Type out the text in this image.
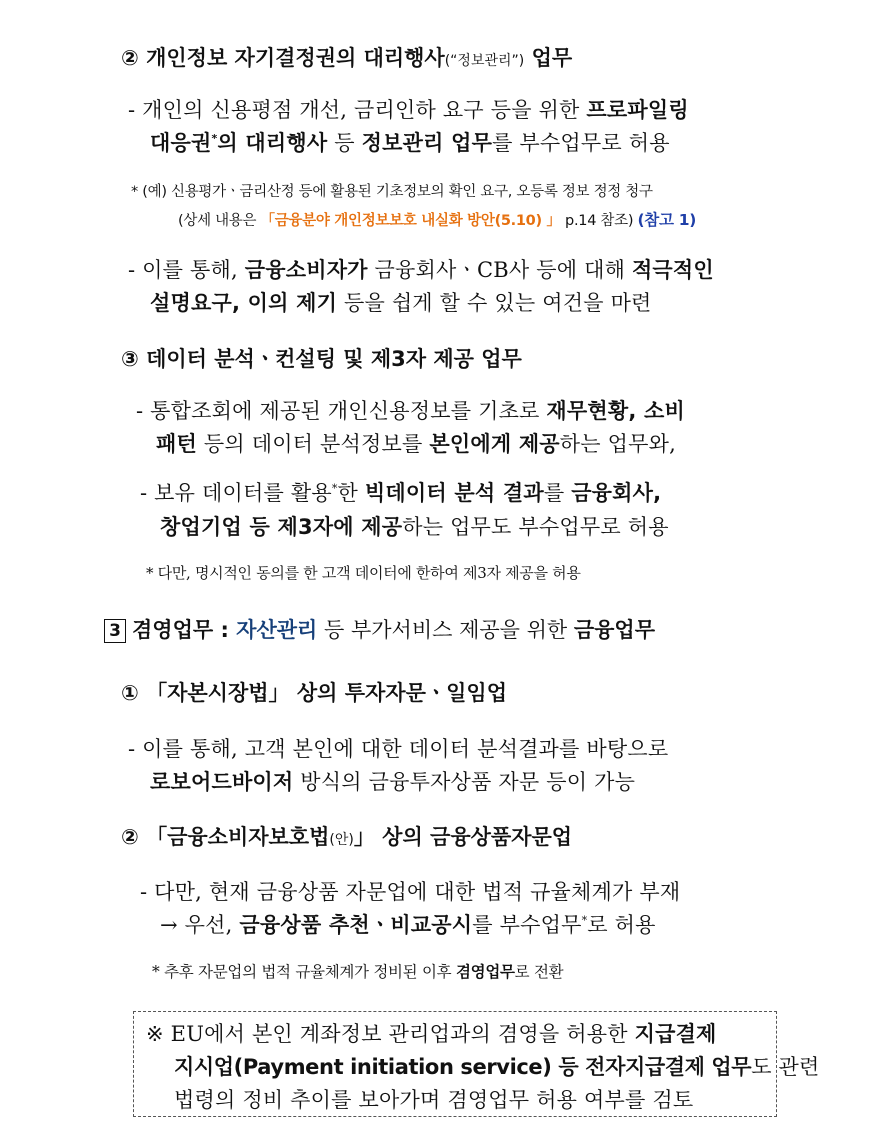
② 개인정보 자기결정권의 대리행사(“정보관리”) 업무
- 개인의 신용평점 개선, 금리인하 요구 등을 위한 프로파일링
대응권*의 대리행사 등 정보관리 업무를 부수업무로 허용
* (예) 신용평가ㆍ금리산정 등에 활용된 기초정보의 확인 요구, 오등록 정보 정정 청구
(상세 내용은 「금융분야 개인정보보호 내실화 방안(5.10) 」 p.14 참조) (참고 1)
- 이를 통해, 금융소비자가 금융회사ㆍCB사 등에 대해 적극적인
설명요구, 이의 제기 등을 쉽게 할 수 있는 여건을 마련
③ 데이터 분석ㆍ컨설팅 및 제3자 제공 업무
- 통합조회에 제공된 개인신용정보를 기초로 재무현황, 소비
패턴 등의 데이터 분석정보를 본인에게 제공하는 업무와,
- 보유 데이터를 활용*한 빅데이터 분석 결과를 금융회사,
창업기업 등 제3자에 제공하는 업무도 부수업무로 허용
* 다만, 명시적인 동의를 한 고객 데이터에 한하여 제3자 제공을 허용
3 겸영업무 : 자산관리 등 부가서비스 제공을 위한 금융업무
① 「자본시장법」 상의 투자자문ㆍ일임업
- 이를 통해, 고객 본인에 대한 데이터 분석결과를 바탕으로
로보어드바이저 방식의 금융투자상품 자문 등이 가능
② 「금융소비자보호법(안)」 상의 금융상품자문업
- 다만, 현재 금융상품 자문업에 대한 법적 규율체계가 부재
→ 우선, 금융상품 추천ㆍ비교공시를 부수업무*로 허용
* 추후 자문업의 법적 규율체계가 정비된 이후 겸영업무로 전환
※ EU에서 본인 계좌정보 관리업과의 겸영을 허용한 지급결제
지시업(Payment initiation service) 등 전자지급결제 업무도 관련
법령의 정비 추이를 보아가며 겸영업무 허용 여부를 검토
